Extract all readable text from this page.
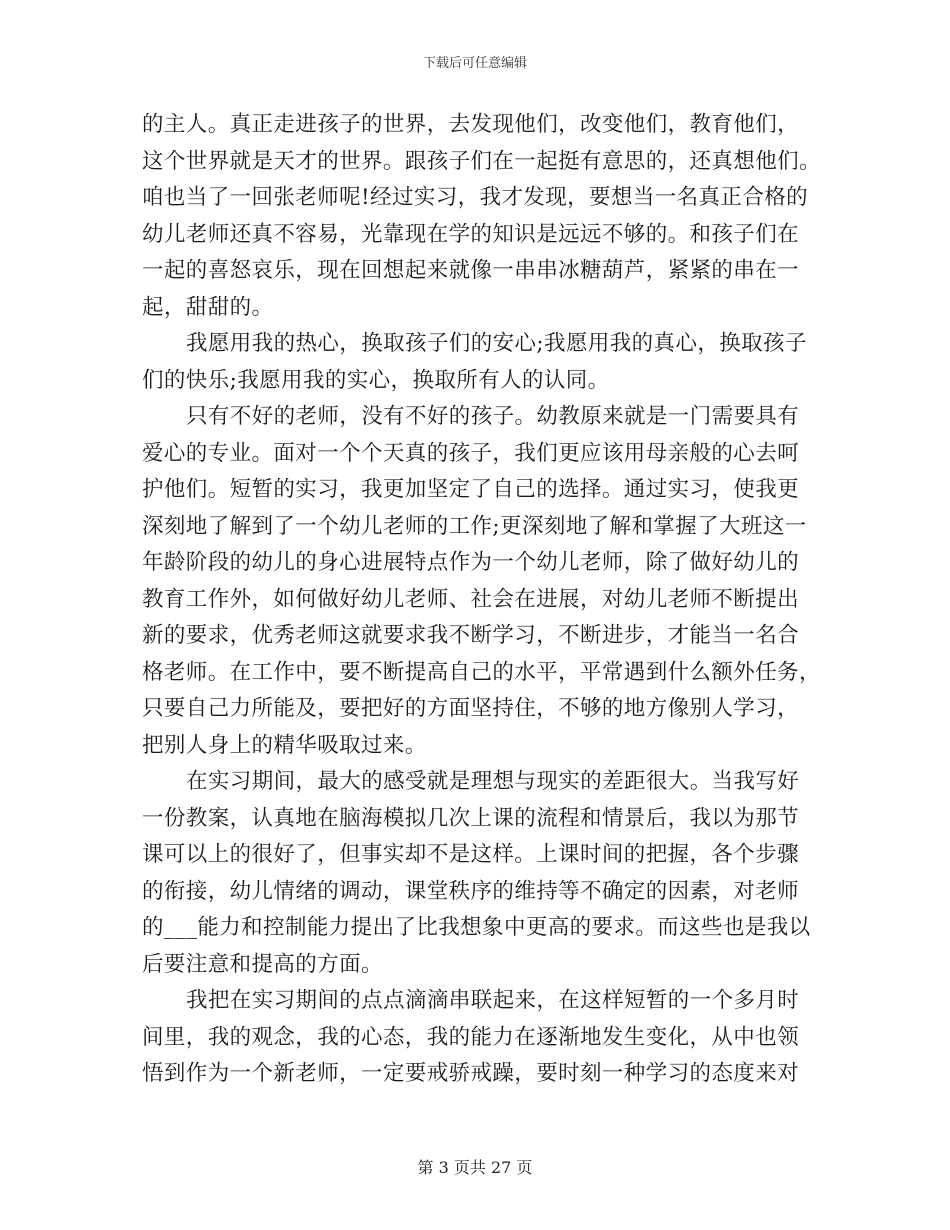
下载后可任意编辑

的主人。真正走进孩子的世界，去发现他们，改变他们，教育他们，
这个世界就是天才的世界。跟孩子们在一起挺有意思的，还真想他们。
咱也当了一回张老师呢!经过实习，我才发现，要想当一名真正合格的
幼儿老师还真不容易，光靠现在学的知识是远远不够的。和孩子们在
一起的喜怒哀乐，现在回想起来就像一串串冰糖葫芦，紧紧的串在一
起，甜甜的。

我愿用我的热心，换取孩子们的安心;我愿用我的真心，换取孩子
们的快乐;我愿用我的实心，换取所有人的认同。

只有不好的老师，没有不好的孩子。幼教原来就是一门需要具有
爱心的专业。面对一个个天真的孩子，我们更应该用母亲般的心去呵
护他们。短暂的实习，我更加坚定了自己的选择。通过实习，使我更
深刻地了解到了一个幼儿老师的工作;更深刻地了解和掌握了大班这一
年龄阶段的幼儿的身心进展特点作为一个幼儿老师，除了做好幼儿的
教育工作外，如何做好幼儿老师、社会在进展，对幼儿老师不断提出
新的要求，优秀老师这就要求我不断学习，不断进步，才能当一名合
格老师。在工作中，要不断提高自己的水平，平常遇到什么额外任务，
只要自己力所能及，要把好的方面坚持住，不够的地方像别人学习，
把别人身上的精华吸取过来。

在实习期间，最大的感受就是理想与现实的差距很大。当我写好
一份教案，认真地在脑海模拟几次上课的流程和情景后，我以为那节
课可以上的很好了，但事实却不是这样。上课时间的把握，各个步骤
的衔接，幼儿情绪的调动，课堂秩序的维持等不确定的因素，对老师
的___能力和控制能力提出了比我想象中更高的要求。而这些也是我以
后要注意和提高的方面。

我把在实习期间的点点滴滴串联起来，在这样短暂的一个多月时
间里，我的观念，我的心态，我的能力在逐渐地发生变化，从中也领
悟到作为一个新老师，一定要戒骄戒躁，要时刻一种学习的态度来对

第 3 页共 27 页
